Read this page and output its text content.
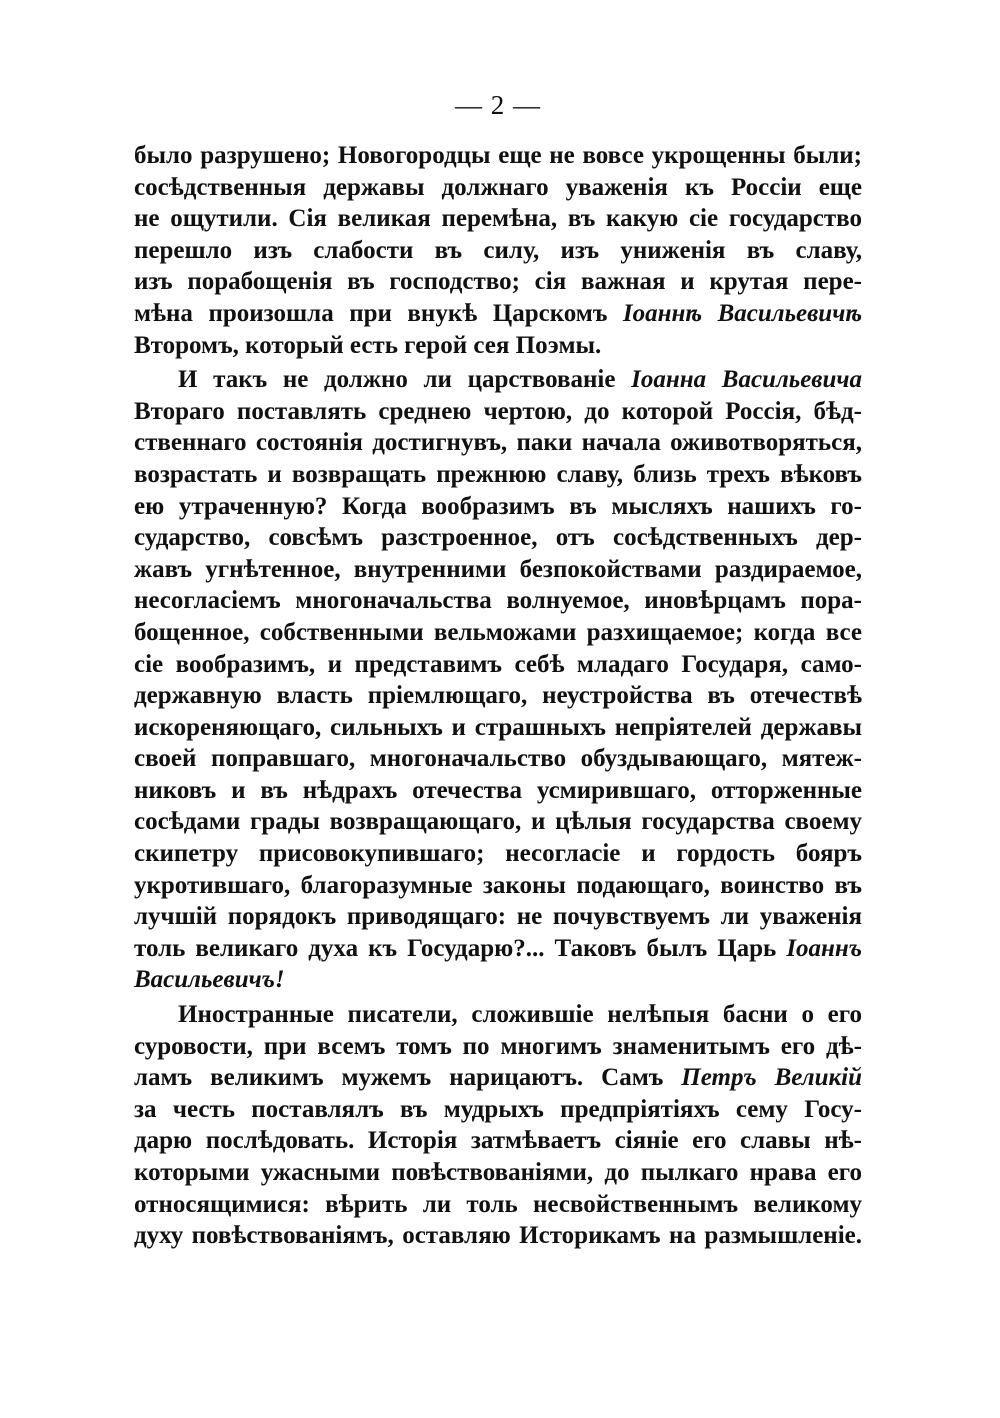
— 2 —
было разрушено; Новогородцы еще не вовсе укрощенны были;
сосѣдственныя державы должнаго уваженія къ Россіи еще
не ощутили. Сія великая перемѣна, въ какую сіе государство
перешло изъ слабости въ силу, изъ униженія въ славу,
изъ порабощенія въ господство; сія важная и крутая пере-
мѣна произошла при внукѣ Царскомъ Іоаннѣ Васильевичѣ
Второмъ, который есть герой сея Поэмы.
И такъ не должно ли царствованіе Іоанна Васильевича
Втораго поставлять среднею чертою, до которой Россія, бѣд-
ственнаго состоянія достигнувъ, паки начала оживотворяться,
возрастать и возвращать прежнюю славу, близь трехъ вѣковъ
ею утраченную? Когда вообразимъ въ мысляхъ нашихъ го-
сударство, совсѣмъ разстроенное, отъ сосѣдственныхъ дер-
жавъ угнѣтенное, внутренними безпокойствами раздираемое,
несогласіемъ многоначальства волнуемое, иновѣрцамъ пора-
бощенное, собственными вельможами разхищаемое; когда все
сіе вообразимъ, и представимъ себѣ младаго Государя, само-
державную власть пріемлющаго, неустройства въ отечествѣ
искореняющаго, сильныхъ и страшныхъ непріятелей державы
своей поправшаго, многоначальство обуздывающаго, мятеж-
никовъ и въ нѣдрахъ отечества усмирившаго, отторженные
сосѣдами грады возвращающаго, и цѣлыя государства своему
скипетру присовокупившаго; несогласіе и гордость бояръ
укротившаго, благоразумные законы подающаго, воинство въ
лучшій порядокъ приводящаго: не почувствуемъ ли уваженія
толь великаго духа къ Государю?... Таковъ былъ Царь Іоаннъ
Васильевичъ!
Иностранные писатели, сложившіе нелѣпыя басни о его
суровости, при всемъ томъ по многимъ знаменитымъ его дѣ-
ламъ великимъ мужемъ нарицаютъ. Самъ Петръ Великій
за честь поставлялъ въ мудрыхъ предпріятіяхъ сему Госу-
дарю послѣдовать. Исторія затмѣваетъ сіяніе его славы нѣ-
которыми ужасными повѣствованіями, до пылкаго нрава его
относящимися: вѣрить ли толь несвойственнымъ великому
духу повѣствованіямъ, оставляю Историкамъ на размышленіе.
